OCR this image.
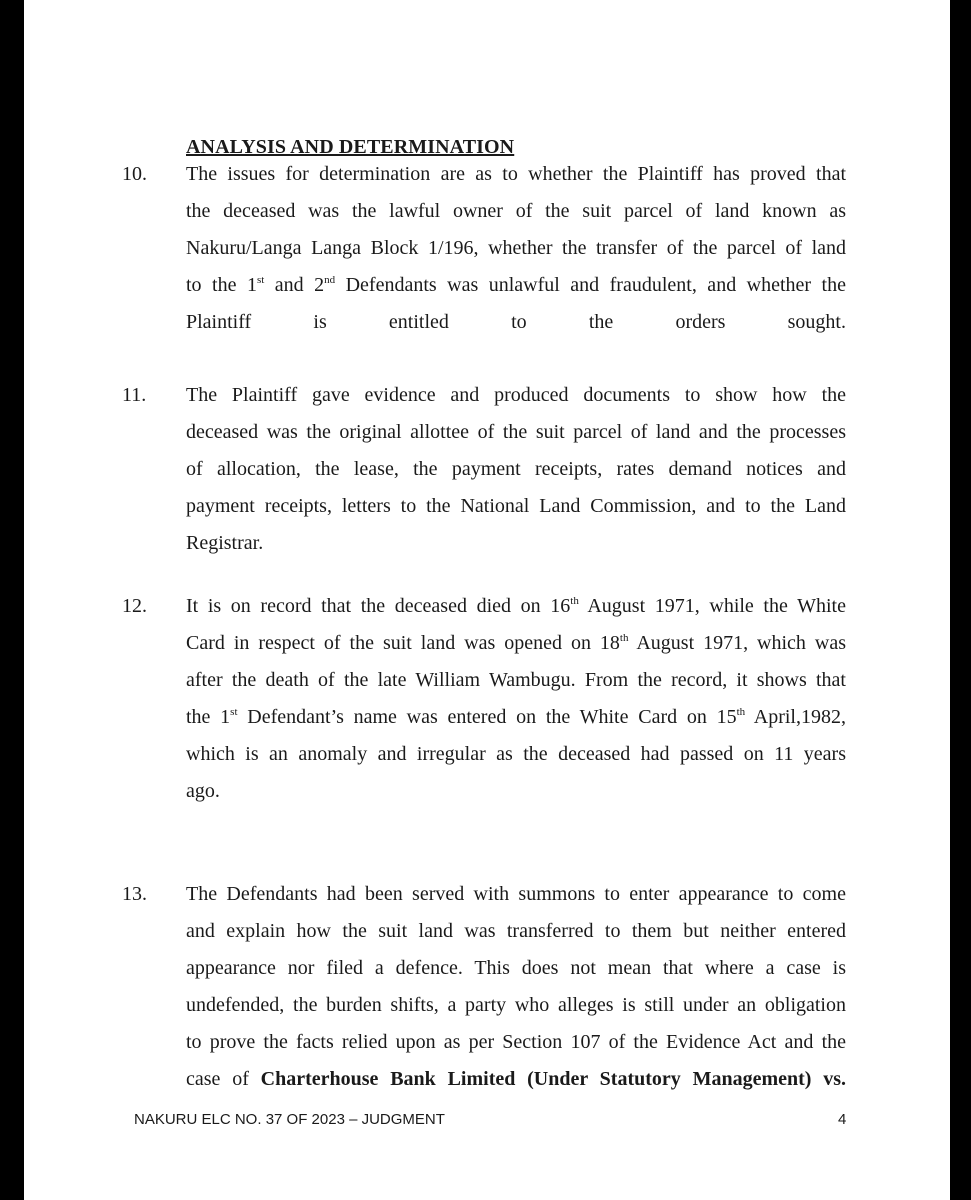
ANALYSIS AND DETERMINATION
10. The issues for determination are as to whether the Plaintiff has proved that
the deceased was the lawful owner of the suit parcel of land known as
Nakuru/Langa Langa Block 1/196, whether the transfer of the parcel of land
to the 1st and 2nd Defendants was unlawful and fraudulent, and whether the
Plaintiff is entitled to the orders sought.
11. The Plaintiff gave evidence and produced documents to show how the
deceased was the original allottee of the suit parcel of land and the processes
of allocation, the lease, the payment receipts, rates demand notices and
payment receipts, letters to the National Land Commission, and to the Land
Registrar.
12. It is on record that the deceased died on 16th August 1971, while the White
Card in respect of the suit land was opened on 18th August 1971, which was
after the death of the late William Wambugu. From the record, it shows that
the 1st Defendant’s name was entered on the White Card on 15th April,1982,
which is an anomaly and irregular as the deceased had passed on 11 years
ago.
13. The Defendants had been served with summons to enter appearance to come
and explain how the suit land was transferred to them but neither entered
appearance nor filed a defence. This does not mean that where a case is
undefended, the burden shifts, a party who alleges is still under an obligation
to prove the facts relied upon as per Section 107 of the Evidence Act and the
case of Charterhouse Bank Limited (Under Statutory Management) vs.
NAKURU ELC NO. 37 OF 2023 – JUDGMENT	4
